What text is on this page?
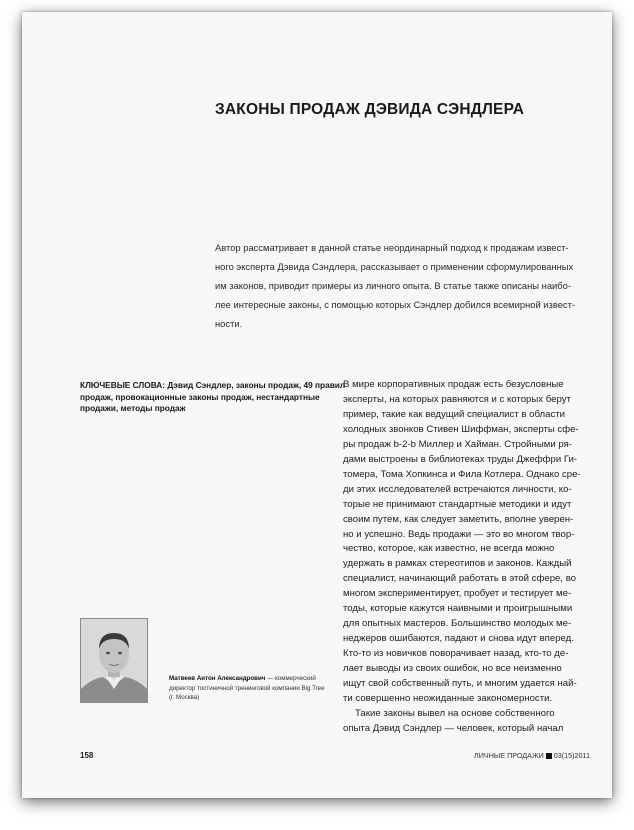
ЗАКОНЫ ПРОДАЖ ДЭВИДА СЭНДЛЕРА
Автор рассматривает в данной статье неординарный подход к продажам извест-
ного эксперта Дэвида Сэндлера, рассказывает о применении сформулированных
им законов, приводит примеры из личного опыта. В статье также описаны наибо-
лее интересные законы, с помощью которых Сэндлер добился всемирной извест-
ности.
КЛЮЧЕВЫЕ СЛОВА: Дэвид Сэндлер, законы продаж, 49 правил
продаж, провокационные законы продаж, нестандартные
продажи, методы продаж
В мире корпоративных продаж есть безусловные
эксперты, на которых равняются и с которых берут
пример, такие как ведущий специалист в области
холодных звонков Стивен Шиффман, эксперты сфе-
ры продаж b-2-b Миллер и Хайман. Стройными ря-
дами выстроены в библиотеках труды Джеффри Ги-
томера, Тома Хопкинса и Фила Котлера. Однако сре-
ди этих исследователей встречаются личности, ко-
торые не принимают стандартные методики и идут
своим путем, как следует заметить, вполне уверен-
но и успешно. Ведь продажи — это во многом твор-
чество, которое, как известно, не всегда можно
удержать в рамках стереотипов и законов. Каждый
специалист, начинающий работать в этой сфере, во
многом экспериментирует, пробует и тестирует ме-
тоды, которые кажутся наивными и проигрышными
для опытных мастеров. Большинство молодых ме-
неджеров ошибаются, падают и снова идут вперед.
Кто-то из новичков поворачивает назад, кто-то де-
лает выводы из своих ошибок, но все неизменно
ищут свой собственный путь, и многим удается най-
ти совершенно неожиданные закономерности.
Такие законы вывел на основе собственного
опыта Дэвид Сэндлер — человек, который начал
Матвеев Антон Александрович — коммерческий
директор тостиничной тренинговой компании Big Tree
(г. Москва)
158	ЛИЧНЫЕ ПРОДАЖИ 03(15)2011
